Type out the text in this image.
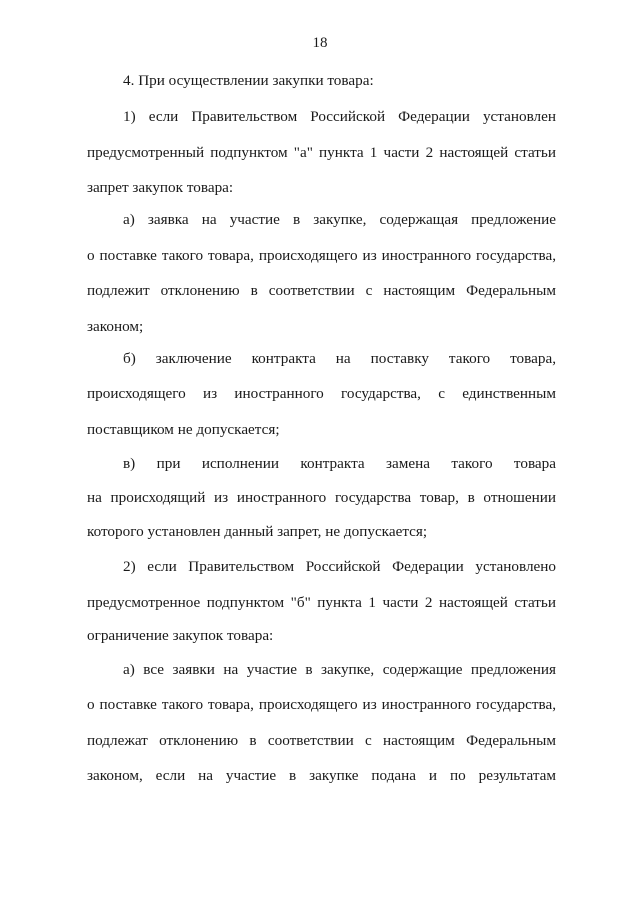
18
4. При осуществлении закупки товара:
1) если Правительством Российской Федерации установлен
предусмотренный подпунктом "а" пункта 1 части 2 настоящей статьи
запрет закупок товара:
а) заявка на участие в закупке, содержащая предложение
о поставке такого товара, происходящего из иностранного государства,
подлежит отклонению в соответствии с настоящим Федеральным
законом;
б) заключение контракта на поставку такого товара,
происходящего из иностранного государства, с единственным
поставщиком не допускается;
в) при исполнении контракта замена такого товара
на происходящий из иностранного государства товар, в отношении
которого установлен данный запрет, не допускается;
2) если Правительством Российской Федерации установлено
предусмотренное подпунктом "б" пункта 1 части 2 настоящей статьи
ограничение закупок товара:
а) все заявки на участие в закупке, содержащие предложения
о поставке такого товара, происходящего из иностранного государства,
подлежат отклонению в соответствии с настоящим Федеральным
законом, если на участие в закупке подана и по результатам
